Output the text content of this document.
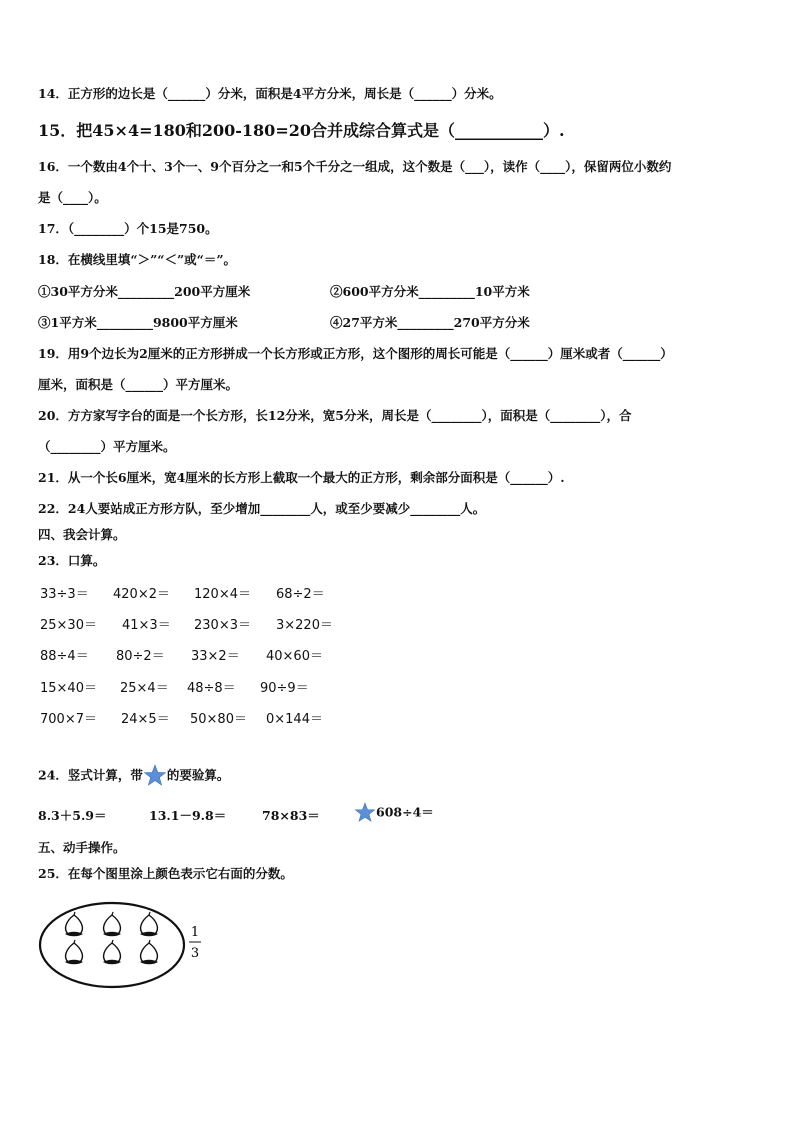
14．正方形的边长是（______）分米，面积是4平方分米，周长是（______）分米。
15．把45×4=180和200-180=20合并成综合算式是（___________）.
16．一个数由4个十、3个一、9个百分之一和5个千分之一组成，这个数是（___），读作（____），保留两位小数约
是（____）。
17．（________）个15是750。
18．在横线里填“＞”“＜”或“＝”。
①30平方分米_________200平方厘米	②600平方分米_________10平方米
③1平方米_________9800平方厘米	④27平方米_________270平方分米
19．用9个边长为2厘米的正方形拼成一个长方形或正方形，这个图形的周长可能是（______）厘米或者（______）
厘米，面积是（______）平方厘米。
20．方方家写字台的面是一个长方形，长12分米，宽5分米，周长是（________），面积是（________），合
（________）平方厘米。
21．从一个长6厘米，宽4厘米的长方形上截取一个最大的正方形，剩余部分面积是（______）.
22．24人要站成正方形方队，至少增加________人，或至少要减少________人。
四、我会计算。
23．口算。
33÷3＝ 420×2＝ 120×4＝ 68÷2＝
25×30＝ 41×3＝ 230×3＝ 3×220＝
88÷4＝ 80÷2＝ 33×2＝ 40×60＝
15×40＝ 25×4＝ 48÷8＝ 90÷9＝
700×7＝ 24×5＝ 50×80＝ 0×144＝
24．竖式计算，带 的要验算。
8.3＋5.9＝	13.1－9.8＝	78×83＝	608÷4＝
五、动手操作。
25．在每个图里涂上颜色表示它右面的分数。
1
3
